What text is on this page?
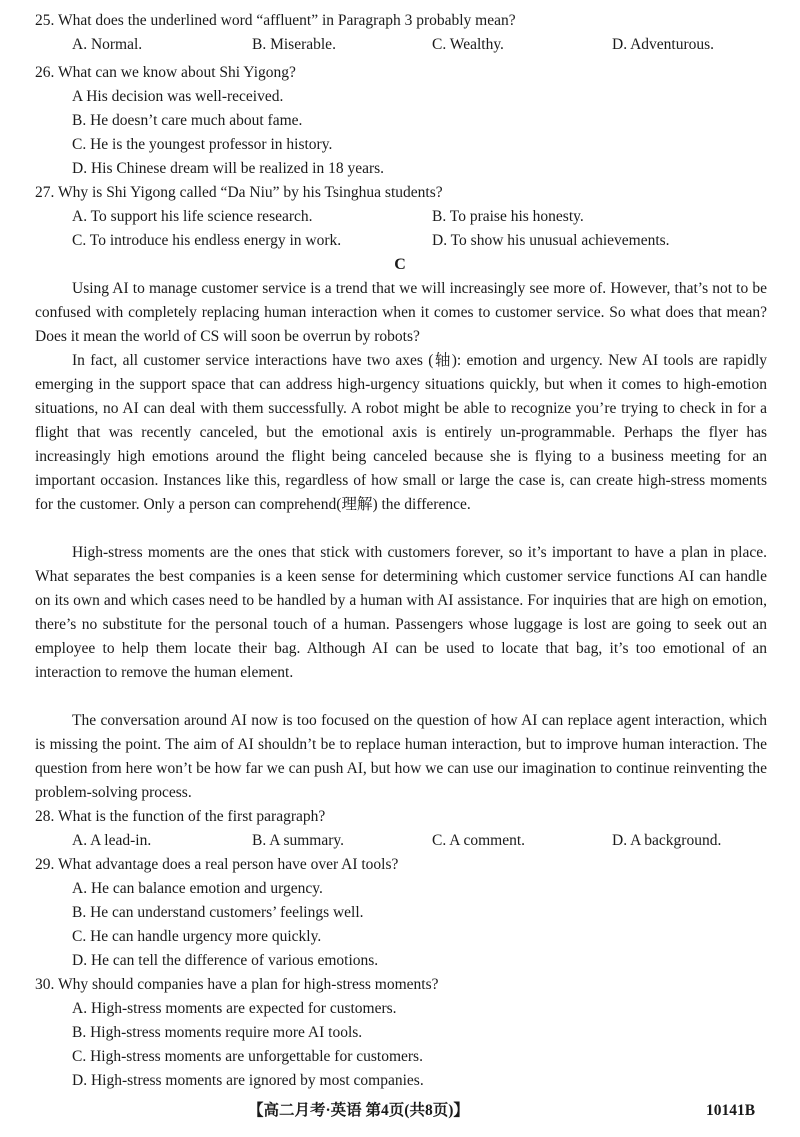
25. What does the underlined word “affluent” in Paragraph 3 probably mean?
A. Normal.	B. Miserable.	C. Wealthy.	D. Adventurous.
26. What can we know about Shi Yigong?
A His decision was well-received.
B. He doesn’t care much about fame.
C. He is the youngest professor in history.
D. His Chinese dream will be realized in 18 years.
27. Why is Shi Yigong called “Da Niu” by his Tsinghua students?
A. To support his life science research.	B. To praise his honesty.
C. To introduce his endless energy in work.	D. To show his unusual achievements.
C
Using AI to manage customer service is a trend that we will increasingly see more of. However, that’s not to be confused with completely replacing human interaction when it comes to customer service. So what does that mean? Does it mean the world of CS will soon be overrun by robots?
In fact, all customer service interactions have two axes (轴): emotion and urgency. New AI tools are rapidly emerging in the support space that can address high-urgency situations quickly, but when it comes to high-emotion situations, no AI can deal with them successfully. A robot might be able to recognize you’re trying to check in for a flight that was recently canceled, but the emotional axis is entirely un-programmable. Perhaps the flyer has increasingly high emotions around the flight being canceled because she is flying to a business meeting for an important occasion. Instances like this, regardless of how small or large the case is, can create high-stress moments for the customer. Only a person can comprehend(理解) the difference.
High-stress moments are the ones that stick with customers forever, so it’s important to have a plan in place. What separates the best companies is a keen sense for determining which customer service functions AI can handle on its own and which cases need to be handled by a human with AI assistance. For inquiries that are high on emotion, there’s no substitute for the personal touch of a human. Passengers whose luggage is lost are going to seek out an employee to help them locate their bag. Although AI can be used to locate that bag, it’s too emotional of an interaction to remove the human element.
The conversation around AI now is too focused on the question of how AI can replace agent interaction, which is missing the point. The aim of AI shouldn’t be to replace human interaction, but to improve human interaction. The question from here won’t be how far we can push AI, but how we can use our imagination to continue reinventing the problem-solving process.
28. What is the function of the first paragraph?
A. A lead-in.	B. A summary.	C. A comment.	D. A background.
29. What advantage does a real person have over AI tools?
A. He can balance emotion and urgency.
B. He can understand customers’ feelings well.
C. He can handle urgency more quickly.
D. He can tell the difference of various emotions.
30. Why should companies have a plan for high-stress moments?
A. High-stress moments are expected for customers.
B. High-stress moments require more AI tools.
C. High-stress moments are unforgettable for customers.
D. High-stress moments are ignored by most companies.
【高二月考·英语 第4页(共8页)】	10141B
